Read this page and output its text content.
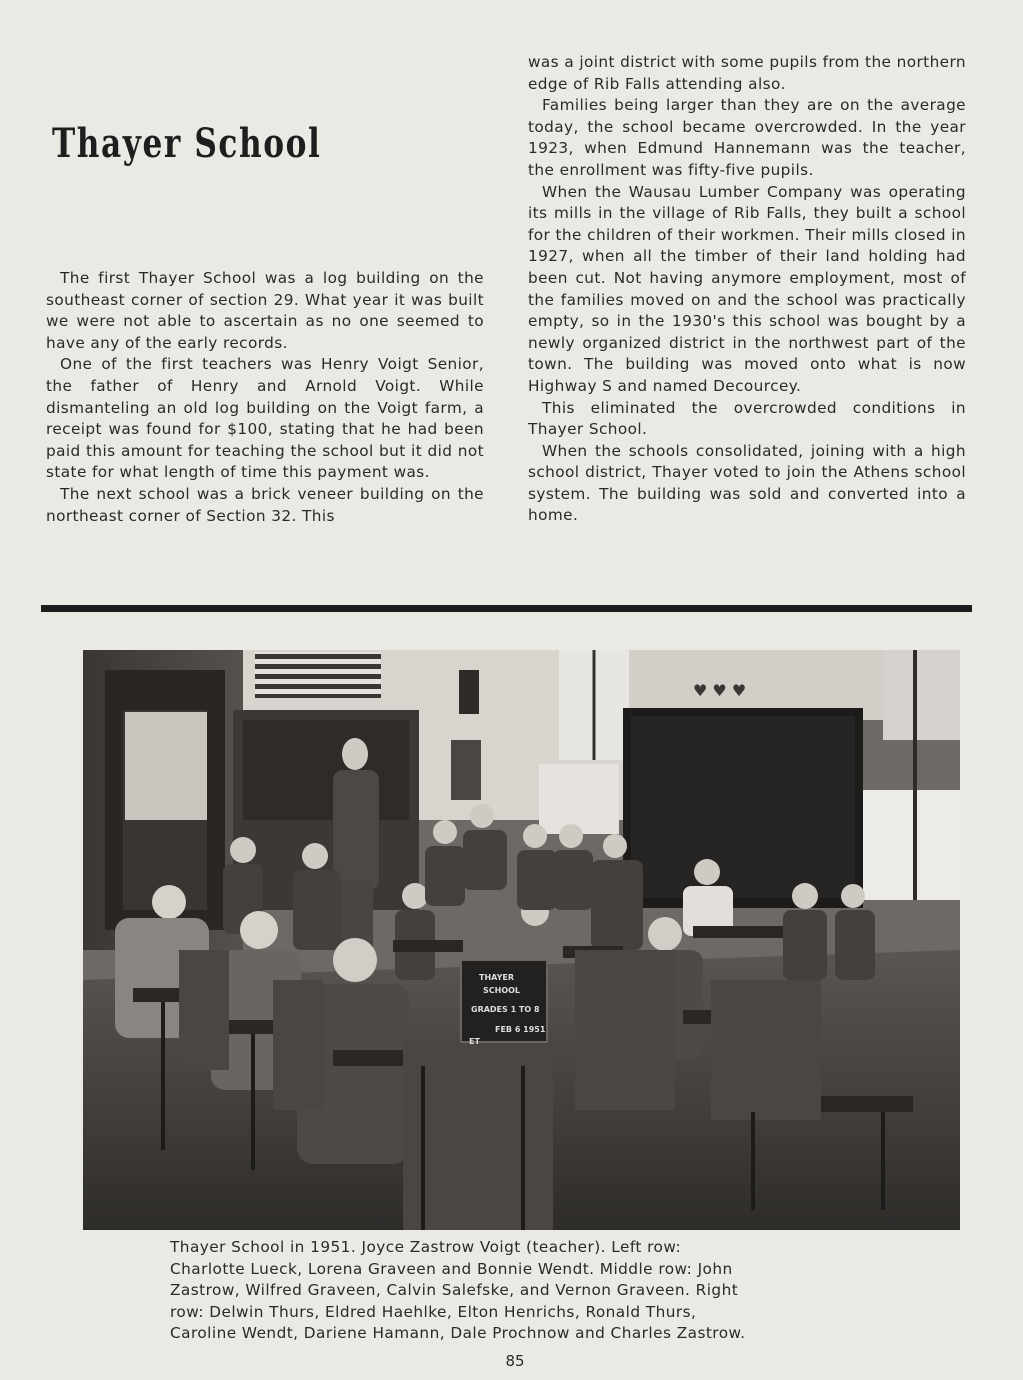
Thayer School

The first Thayer School was a log building on the southeast corner of section 29. What year it was built we were not able to ascertain as no one seemed to have any of the early records.

One of the first teachers was Henry Voigt Senior, the father of Henry and Arnold Voigt. While dismanteling an old log building on the Voigt farm, a receipt was found for $100, stating that he had been paid this amount for teaching the school but it did not state for what length of time this payment was.

The next school was a brick veneer building on the northeast corner of Section 32. This

was a joint district with some pupils from the northern edge of Rib Falls attending also.

Families being larger than they are on the average today, the school became overcrowded. In the year 1923, when Edmund Hannemann was the teacher, the enrollment was fifty-five pupils.

When the Wausau Lumber Company was operating its mills in the village of Rib Falls, they built a school for the children of their workmen. Their mills closed in 1927, when all the timber of their land holding had been cut. Not having anymore employment, most of the families moved on and the school was practically empty, so in the 1930's this school was bought by a newly organized district in the northwest part of the town. The building was moved onto what is now Highway S and named Decourcey.

This eliminated the overcrowded conditions in Thayer School.

When the schools consolidated, joining with a high school district, Thayer voted to join the Athens school system. The building was sold and converted into a home.

♥ ♥ ♥
THAYER
SCHOOL
GRADES 1 TO 8
FEB 6 1951
ET
Thayer School in 1951. Joyce Zastrow Voigt (teacher). Left row:
Charlotte Lueck, Lorena Graveen and Bonnie Wendt. Middle row: John
Zastrow, Wilfred Graveen, Calvin Salefske, and Vernon Graveen. Right
row: Delwin Thurs, Eldred Haehlke, Elton Henrichs, Ronald Thurs,
Caroline Wendt, Dariene Hamann, Dale Prochnow and Charles Zastrow.
85
